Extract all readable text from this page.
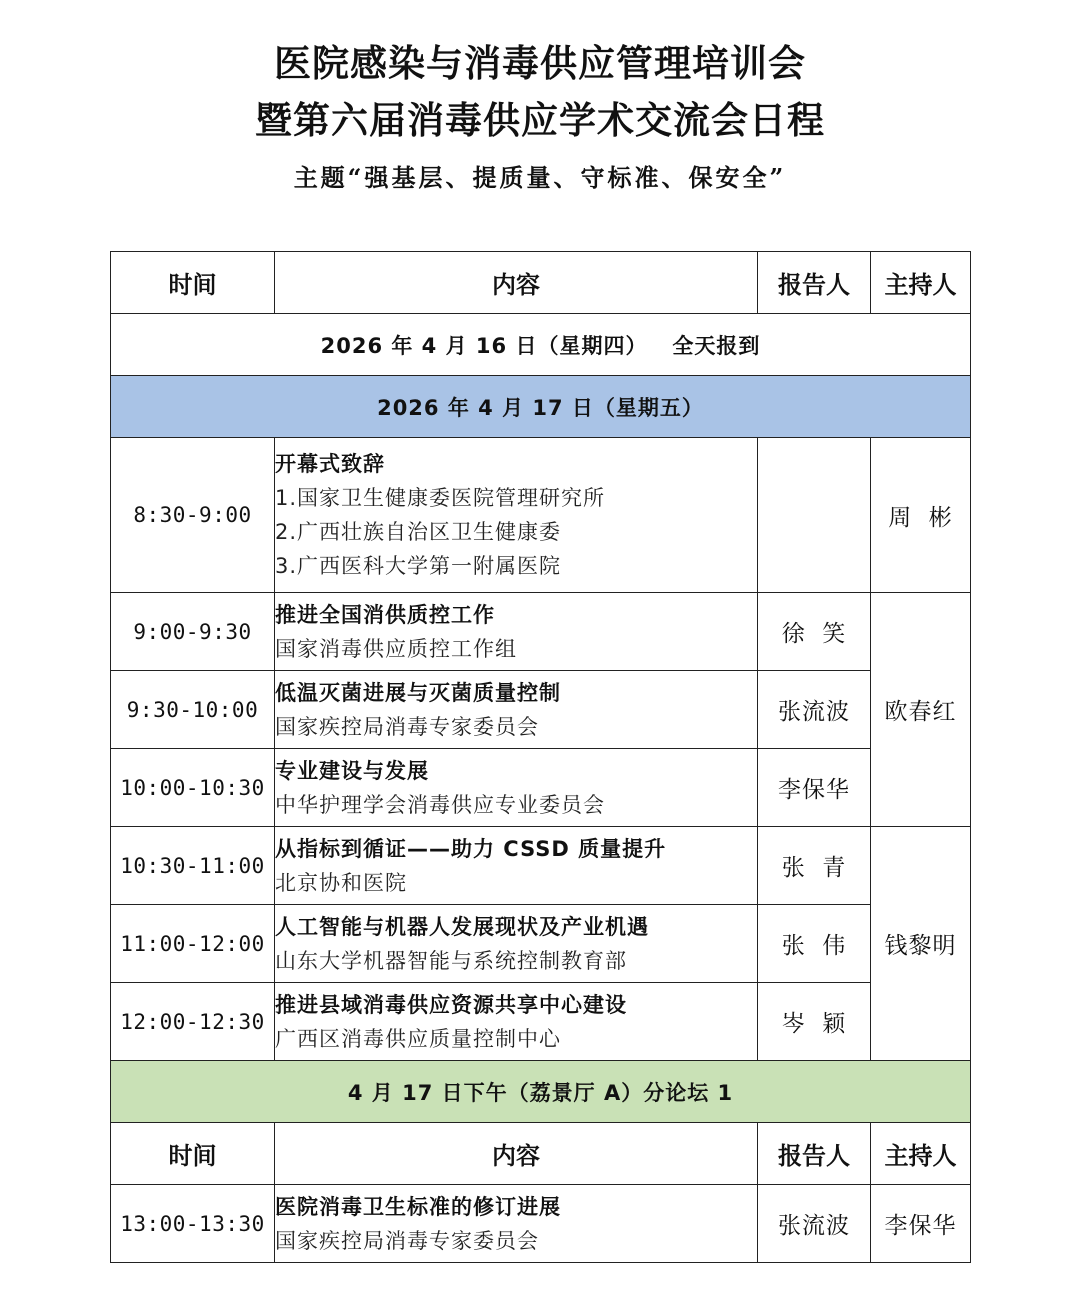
医院感染与消毒供应管理培训会
暨第六届消毒供应学术交流会日程
主题“强基层、提质量、守标准、保安全”
时间	内容	报告人	主持人
2026 年 4 月 16 日（星期四）   全天报到			
2026 年 4 月 17 日（星期五）			
8:30-9:00	开幕式致辞
1.国家卫生健康委医院管理研究所
2.广西壮族自治区卫生健康委
3.广西医科大学第一附属医院		周  彬
9:00-9:30	推进全国消供质控工作
国家消毒供应质控工作组	徐  笑	欧春红
9:30-10:00	低温灭菌进展与灭菌质量控制
国家疾控局消毒专家委员会	张流波	
10:00-10:30	专业建设与发展
中华护理学会消毒供应专业委员会	李保华	
10:30-11:00	从指标到循证——助力 CSSD 质量提升
北京协和医院	张  青	钱黎明
11:00-12:00	人工智能与机器人发展现状及产业机遇
山东大学机器智能与系统控制教育部	张  伟	
12:00-12:30	推进县域消毒供应资源共享中心建设
广西区消毒供应质量控制中心	岑  颖	
4 月 17 日下午（荔景厅 A）分论坛 1			
时间	内容	报告人	主持人
13:00-13:30	医院消毒卫生标准的修订进展
国家疾控局消毒专家委员会	张流波	李保华
